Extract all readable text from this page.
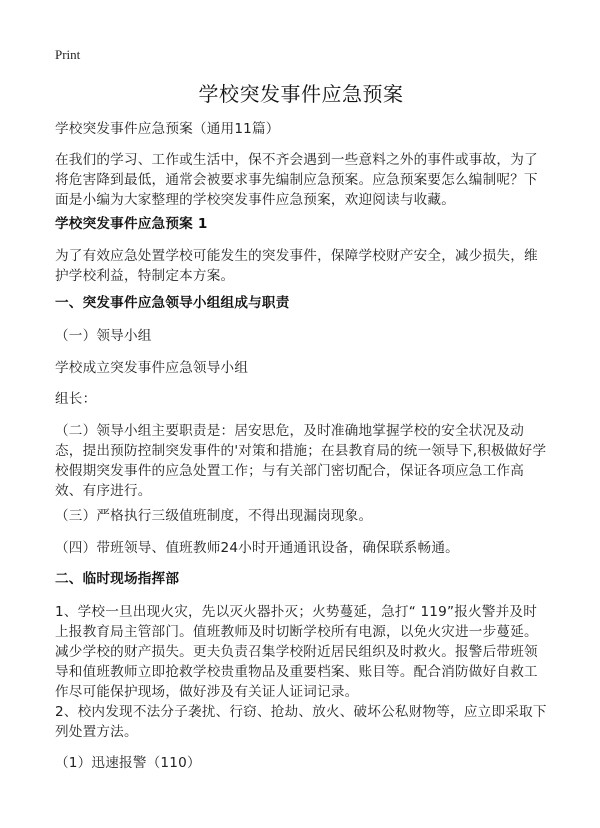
Print
学校突发事件应急预案
学校突发事件应急预案（通用11篇）
在我们的学习、工作或生活中，保不齐会遇到一些意料之外的事件或事故，为了将危害降到最低，通常会被要求事先编制应急预案。应急预案要怎么编制呢？下面是小编为大家整理的学校突发事件应急预案，欢迎阅读与收藏。
学校突发事件应急预案 1
为了有效应急处置学校可能发生的突发事件，保障学校财产安全，减少损失，维护学校利益，特制定本方案。
一、突发事件应急领导小组组成与职责
（一）领导小组
学校成立突发事件应急领导小组
组长：
（二）领导小组主要职责是：居安思危，及时准确地掌握学校的安全状况及动态，提出预防控制突发事件的'对策和措施；在县教育局的统一领导下,积极做好学校假期突发事件的应急处置工作；与有关部门密切配合，保证各项应急工作高效、有序进行。
（三）严格执行三级值班制度，不得出现漏岗现象。
（四）带班领导、值班教师24小时开通通讯设备，确保联系畅通。
二、临时现场指挥部
1、学校一旦出现火灾，先以灭火器扑灭；火势蔓延，急打“ 119”报火警并及时上报教育局主管部门。值班教师及时切断学校所有电源，以免火灾进一步蔓延。减少学校的财产损失。更夫负责召集学校附近居民组织及时救火。报警后带班领导和值班教师立即抢救学校贵重物品及重要档案、账目等。配合消防做好自救工作尽可能保护现场，做好涉及有关证人证词记录。
2、校内发现不法分子袭扰、行窃、抢劫、放火、破坏公私财物等，应立即采取下列处置方法。
（1）迅速报警（110）
